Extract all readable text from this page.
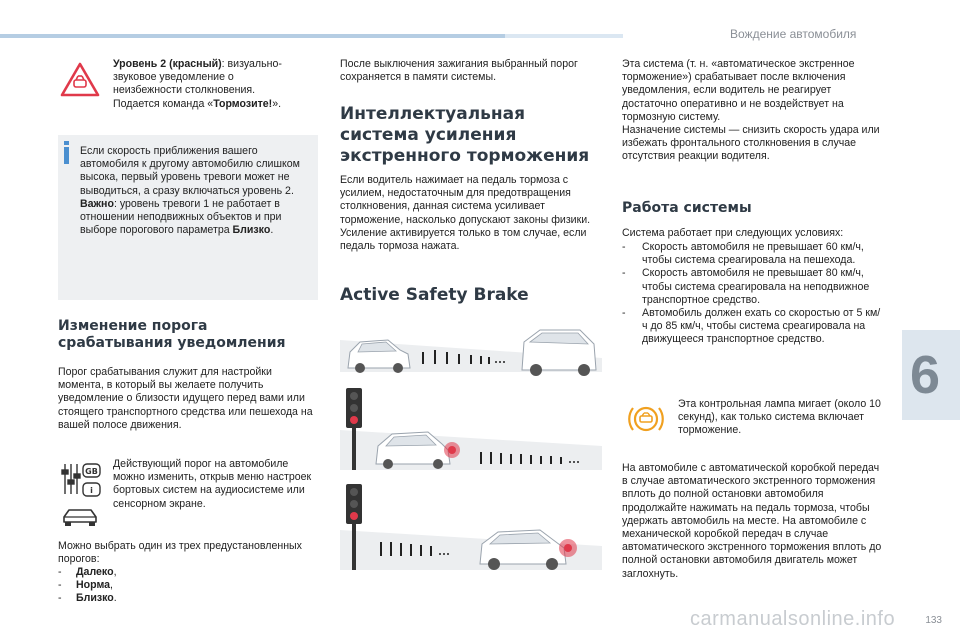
Вождение автомобиля
6
Уровень 2 (красный): визуально-звуковое уведомление о неизбежности столкновения. Подается команда «Тормозите!».
Если скорость приближения вашего автомобиля к другому автомобилю слишком высока, первый уровень тревоги может не выводиться, а сразу включаться уровень 2.
Важно: уровень тревоги 1 не работает в отношении неподвижных объектов и при выборе порогового параметра Близко.
Изменение порога срабатывания уведомления
Порог срабатывания служит для настройки момента, в который вы желаете получить уведомление о близости идущего перед вами или стоящего транспортного средства или пешехода на вашей полосе движения.
GB
i
Действующий порог на автомобиле можно изменить, открыв меню настроек бортовых систем на аудиосистеме или сенсорном экране.
Можно выбрать один из трех предустановленных порогов:
- Далеко,
- Норма,
- Близко.
После выключения зажигания выбранный порог сохраняется в памяти системы.
Интеллектуальная система усиления экстренного торможения
Если водитель нажимает на педаль тормоза с усилием, недостаточным для предотвращения столкновения, данная система усиливает торможение, насколько допускают законы физики.
Усиление активируется только в том случае, если педаль тормоза нажата.
Active Safety Brake
Эта система (т. н. «автоматическое экстренное торможение») срабатывает после включения уведомления, если водитель не реагирует достаточно оперативно и не воздействует на тормозную систему.
Назначение системы — снизить скорость удара или избежать фронтального столкновения в случае отсутствия реакции водителя.
Работа системы
Система работает при следующих условиях:
- Скорость автомобиля не превышает 60 км/ч, чтобы система среагировала на пешехода.
- Скорость автомобиля не превышает 80 км/ч, чтобы система среагировала на неподвижное транспортное средство.
- Автомобиль должен ехать со скоростью от 5 км/ч до 85 км/ч, чтобы система среагировала на движущееся транспортное средство.
Эта контрольная лампа мигает (около 10 секунд), как только система включает торможение.
На автомобиле с автоматической коробкой передач в случае автоматического экстренного торможения вплоть до полной остановки автомобиля продолжайте нажимать на педаль тормоза, чтобы удержать автомобиль на месте. На автомобиле с механической коробкой передач в случае автоматического экстренного торможения вплоть до полной остановки автомобиля двигатель может заглохнуть.
133
carmanualsonline.info
